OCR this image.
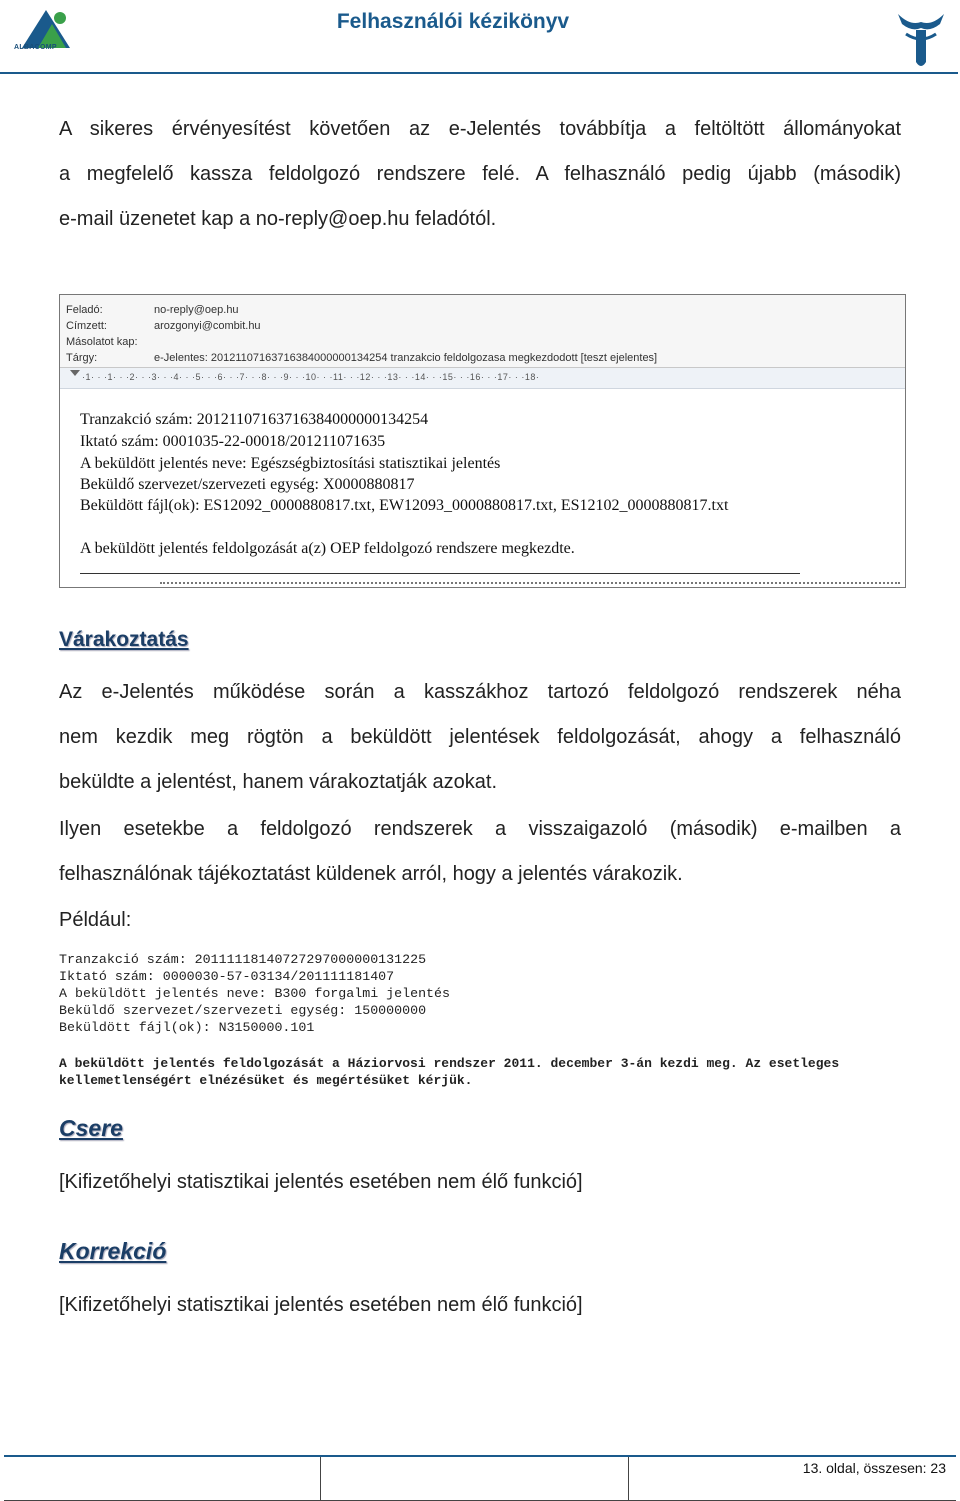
ALBACOMP
Felhasználói kézikönyv
A sikeres érvényesítést követően az e-Jelentés továbbítja a feltöltött állományokat
a megfelelő kassza feldolgozó rendszere felé. A felhasználó pedig újabb (második)
e-mail üzenetet kap a no-reply@oep.hu feladótól.
Feladó:	no-reply@oep.hu
Címzett:	arozgonyi@combit.hu
Másolatot kap:
Tárgy:	e-Jelentes: 20121107163716384000000134254 tranzakcio feldolgozasa megkezdodott [teszt ejelentes]
·1· · ·1· · ·2· · ·3· · ·4· · ·5· · ·6· · ·7· · ·8· · ·9· · ·10· · ·11· · ·12· · ·13· · ·14· · ·15· · ·16· · ·17· · ·18·
Tranzakció szám: 20121107163716384000000134254
Iktató szám: 0001035-22-00018/201211071635
A beküldött jelentés neve: Egészségbiztosítási statisztikai jelentés
Beküldő szervezet/szervezeti egység: X0000880817
Beküldött fájl(ok): ES12092_0000880817.txt, EW12093_0000880817.txt, ES12102_0000880817.txt
A beküldött jelentés feldolgozását a(z) OEP feldolgozó rendszere megkezdte.
Várakoztatás
Az e-Jelentés működése során a kasszákhoz tartozó feldolgozó rendszerek néha
nem kezdik meg rögtön a beküldött jelentések feldolgozását, ahogy a felhasználó
beküldte a jelentést, hanem várakoztatják azokat.
Ilyen esetekbe a feldolgozó rendszerek a visszaigazoló (második) e-mailben a
felhasználónak tájékoztatást küldenek arról, hogy a jelentés várakozik.
Például:
Tranzakció szám: 20111118140727297000000131225
Iktató szám: 0000030-57-03134/201111181407
A beküldött jelentés neve: B300 forgalmi jelentés
Beküldő szervezet/szervezeti egység: 150000000
Beküldött fájl(ok): N3150000.101
A beküldött jelentés feldolgozását a Háziorvosi rendszer 2011. december 3-án kezdi meg. Az esetleges kellemetlenségért elnézésüket és megértésüket kérjük.
Csere
[Kifizetőhelyi statisztikai jelentés esetében nem élő funkció]
Korrekció
[Kifizetőhelyi statisztikai jelentés esetében nem élő funkció]
13. oldal, összesen: 23
